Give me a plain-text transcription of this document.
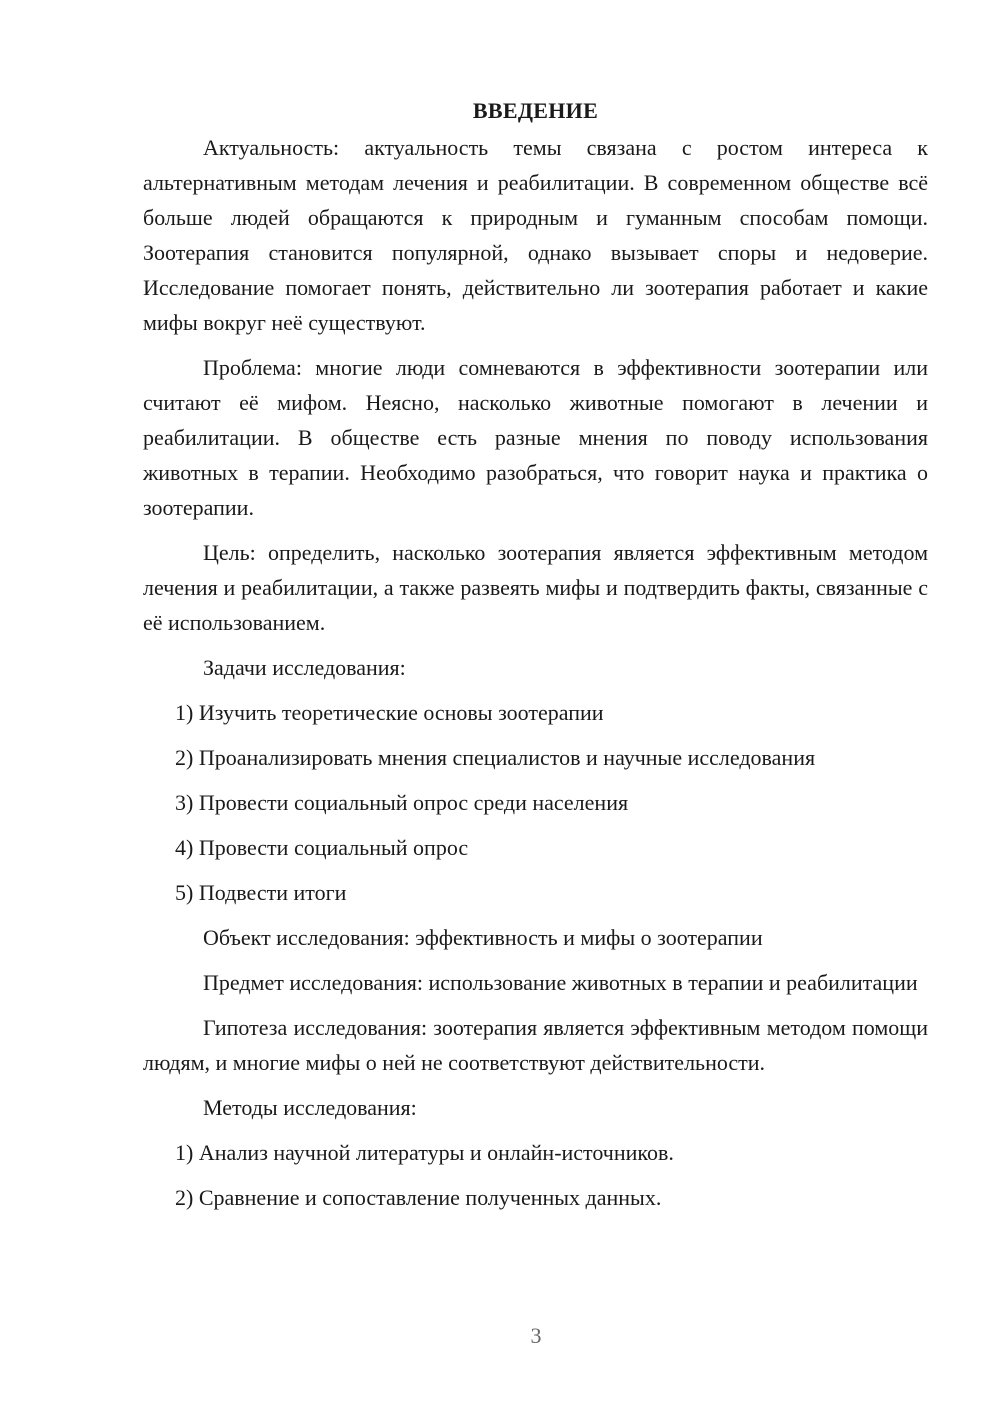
ВВЕДЕНИЕ

Актуальность: актуальность темы связана с ростом интереса к альтернативным методам лечения и реабилитации. В современном обществе всё больше людей обращаются к природным и гуманным способам помощи. Зоотерапия становится популярной, однако вызывает споры и недоверие. Исследование помогает понять, действительно ли зоотерапия работает и какие мифы вокруг неё существуют.

Проблема: многие люди сомневаются в эффективности зоотерапии или считают её мифом. Неясно, насколько животные помогают в лечении и реабилитации. В обществе есть разные мнения по поводу использования животных в терапии. Необходимо разобраться, что говорит наука и практика о зоотерапии.

Цель: определить, насколько зоотерапия является эффективным методом лечения и реабилитации, а также развеять мифы и подтвердить факты, связанные с её использованием.

Задачи исследования:

1) Изучить теоретические основы зоотерапии
2) Проанализировать мнения специалистов и научные исследования
3) Провести социальный опрос среди населения
4) Провести социальный опрос
5) Подвести итоги

Объект исследования: эффективность и мифы о зоотерапии

Предмет исследования: использование животных в терапии и реабилитации

Гипотеза исследования: зоотерапия является эффективным методом помощи людям, и многие мифы о ней не соответствуют действительности.

Методы исследования:

1) Анализ научной литературы и онлайн-источников.
2) Сравнение и сопоставление полученных данных.
3
